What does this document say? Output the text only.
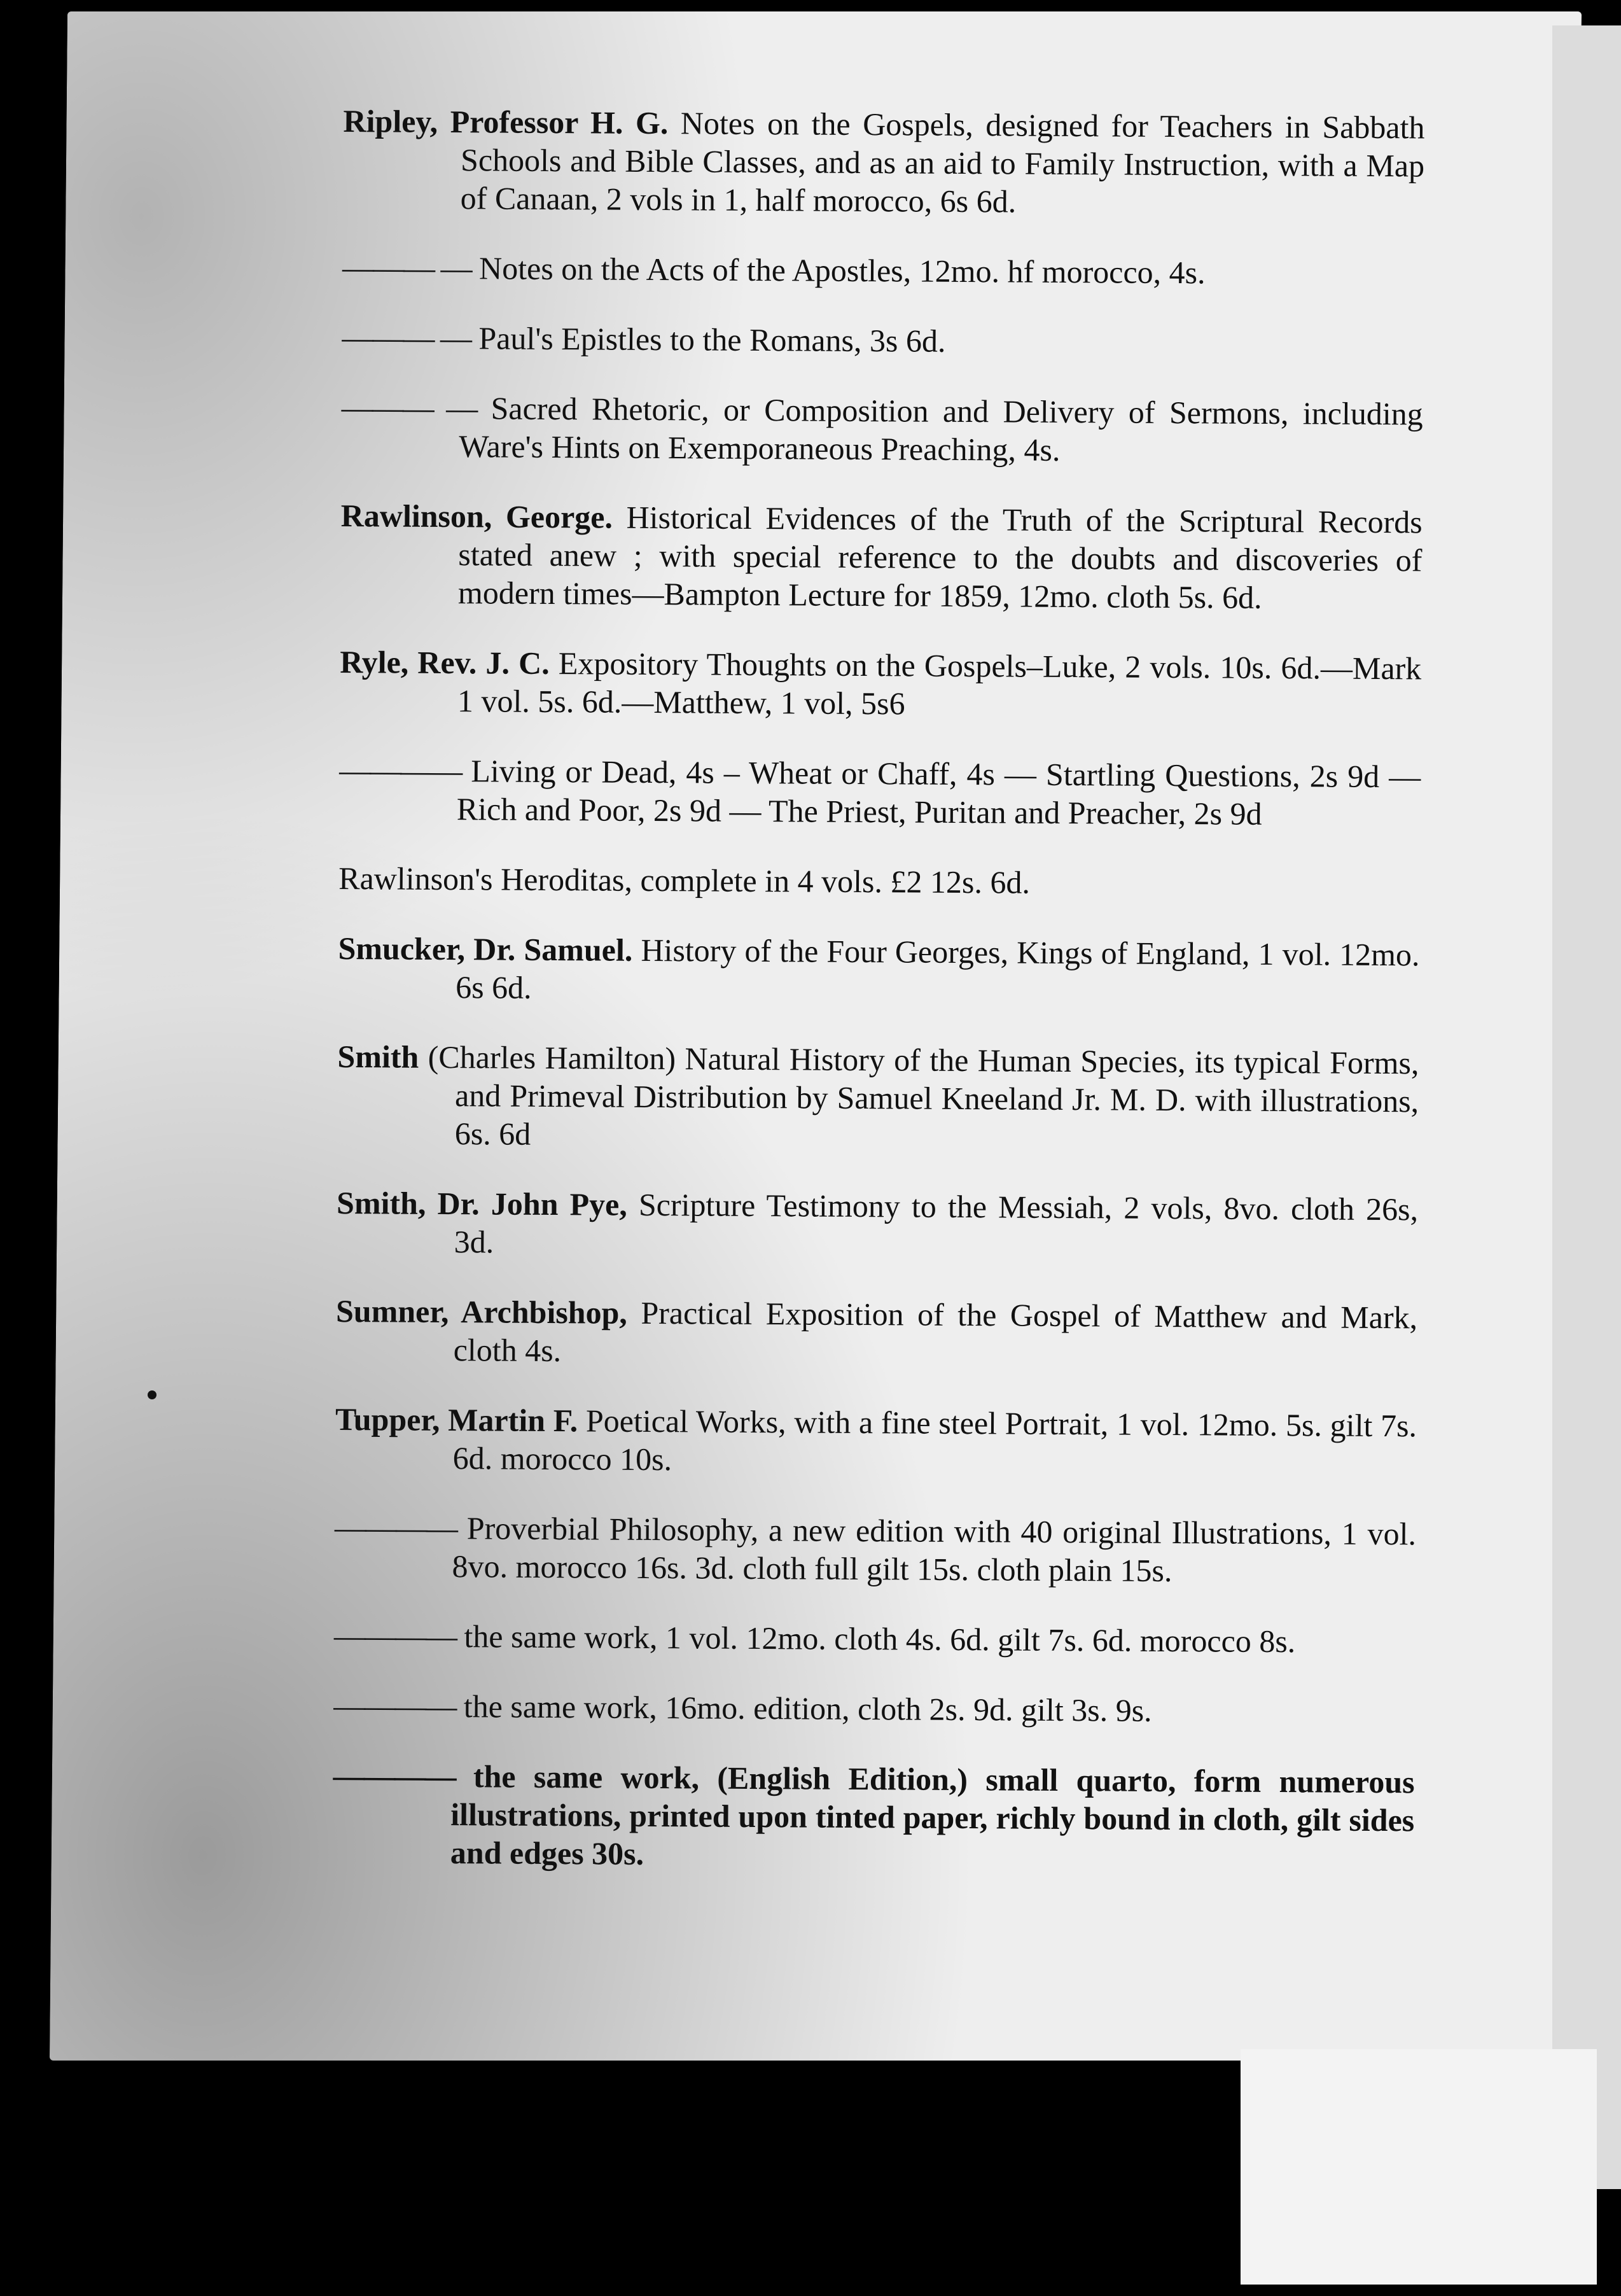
Ripley, Professor H. G. Notes on the Gospels, designed for Teachers in Sabbath Schools and Bible Classes, and as an aid to Family Instruction, with a Map of Canaan, 2 vols in 1, half morocco, 6s 6d.

——— — Notes on the Acts of the Apostles, 12mo. hf morocco, 4s.

——— — Paul's Epistles to the Romans, 3s 6d.

——— — Sacred Rhetoric, or Composition and Delivery of Sermons, including Ware's Hints on Exemporaneous Preaching, 4s.

Rawlinson, George. Historical Evidences of the Truth of the Scriptural Records stated anew ; with special reference to the doubts and discoveries of modern times—Bampton Lecture for 1859, 12mo. cloth 5s. 6d.

Ryle, Rev. J. C. Expository Thoughts on the Gospels–Luke, 2 vols. 10s. 6d.—Mark 1 vol. 5s. 6d.—Matthew, 1 vol, 5s6

———— Living or Dead, 4s – Wheat or Chaff, 4s — Startling Questions, 2s 9d — Rich and Poor, 2s 9d — The Priest, Puritan and Preacher, 2s 9d

Rawlinson's Heroditas, complete in 4 vols. £2 12s. 6d.

Smucker, Dr. Samuel. History of the Four Georges, Kings of England, 1 vol. 12mo. 6s 6d.

Smith (Charles Hamilton) Natural History of the Human Species, its typical Forms, and Primeval Distribution by Samuel Kneeland Jr. M. D. with illustrations, 6s. 6d

Smith, Dr. John Pye, Scripture Testimony to the Messiah, 2 vols, 8vo. cloth 26s, 3d.

Sumner, Archbishop, Practical Exposition of the Gospel of Matthew and Mark, cloth 4s.

Tupper, Martin F. Poetical Works, with a fine steel Portrait, 1 vol. 12mo. 5s. gilt 7s. 6d. morocco 10s.

———— Proverbial Philosophy, a new edition with 40 original Illustrations, 1 vol. 8vo. morocco 16s. 3d. cloth full gilt 15s. cloth plain 15s.

———— the same work, 1 vol. 12mo. cloth 4s. 6d. gilt 7s. 6d. morocco 8s.

———— the same work, 16mo. edition, cloth 2s. 9d. gilt 3s. 9s.

———— the same work, (English Edition,) small quarto, form numerous illustrations, printed upon tinted paper, richly bound in cloth, gilt sides and edges 30s.
